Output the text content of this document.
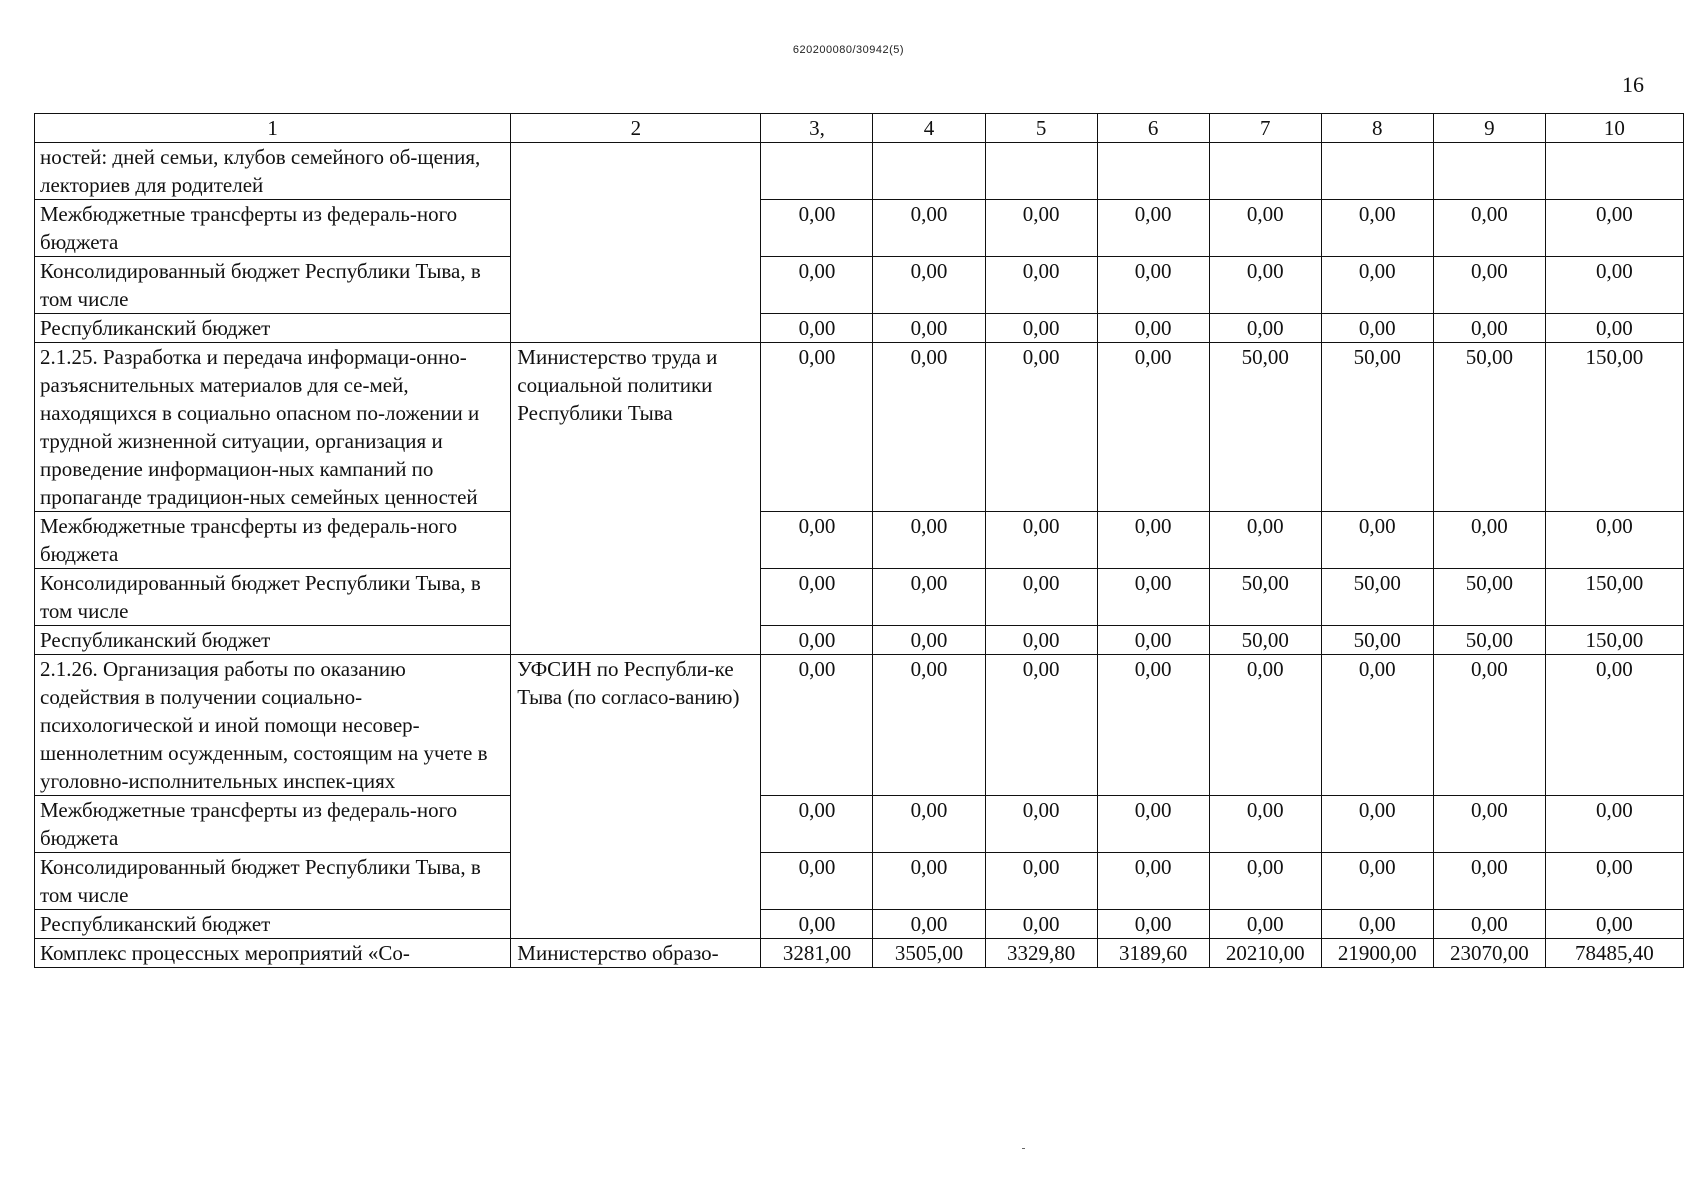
620200080/30942(5)
16
1	2	3,	4	5	6	7	8	9	10
ностей: дней семьи, клубов семейного об-щения, лекториев для родителей									
Межбюджетные трансферты из федераль-ного бюджета		0,00	0,00	0,00	0,00	0,00	0,00	0,00	0,00
Консолидированный бюджет Республики Тыва, в том числе		0,00	0,00	0,00	0,00	0,00	0,00	0,00	0,00
Республиканский бюджет		0,00	0,00	0,00	0,00	0,00	0,00	0,00	0,00
2.1.25. Разработка и передача информаци-онно-разъяснительных материалов для се-мей, находящихся в социально опасном по-ложении и трудной жизненной ситуации, организация и проведение информацион-ных кампаний по пропаганде традицион-ных семейных ценностей	Министерство труда и социальной политики Республики Тыва	0,00	0,00	0,00	0,00	50,00	50,00	50,00	150,00
Межбюджетные трансферты из федераль-ного бюджета		0,00	0,00	0,00	0,00	0,00	0,00	0,00	0,00
Консолидированный бюджет Республики Тыва, в том числе		0,00	0,00	0,00	0,00	50,00	50,00	50,00	150,00
Республиканский бюджет		0,00	0,00	0,00	0,00	50,00	50,00	50,00	150,00
2.1.26. Организация работы по оказанию содействия в получении социально-психологической и иной помощи несовер-шеннолетним осужденным, состоящим на учете в уголовно-исполнительных инспек-циях	УФСИН по Республи-ке Тыва (по согласо-ванию)	0,00	0,00	0,00	0,00	0,00	0,00	0,00	0,00
Межбюджетные трансферты из федераль-ного бюджета		0,00	0,00	0,00	0,00	0,00	0,00	0,00	0,00
Консолидированный бюджет Республики Тыва, в том числе		0,00	0,00	0,00	0,00	0,00	0,00	0,00	0,00
Республиканский бюджет		0,00	0,00	0,00	0,00	0,00	0,00	0,00	0,00
Комплекс процессных мероприятий «Со-	Министерство образо-	3281,00	3505,00	3329,80	3189,60	20210,00	21900,00	23070,00	78485,40
